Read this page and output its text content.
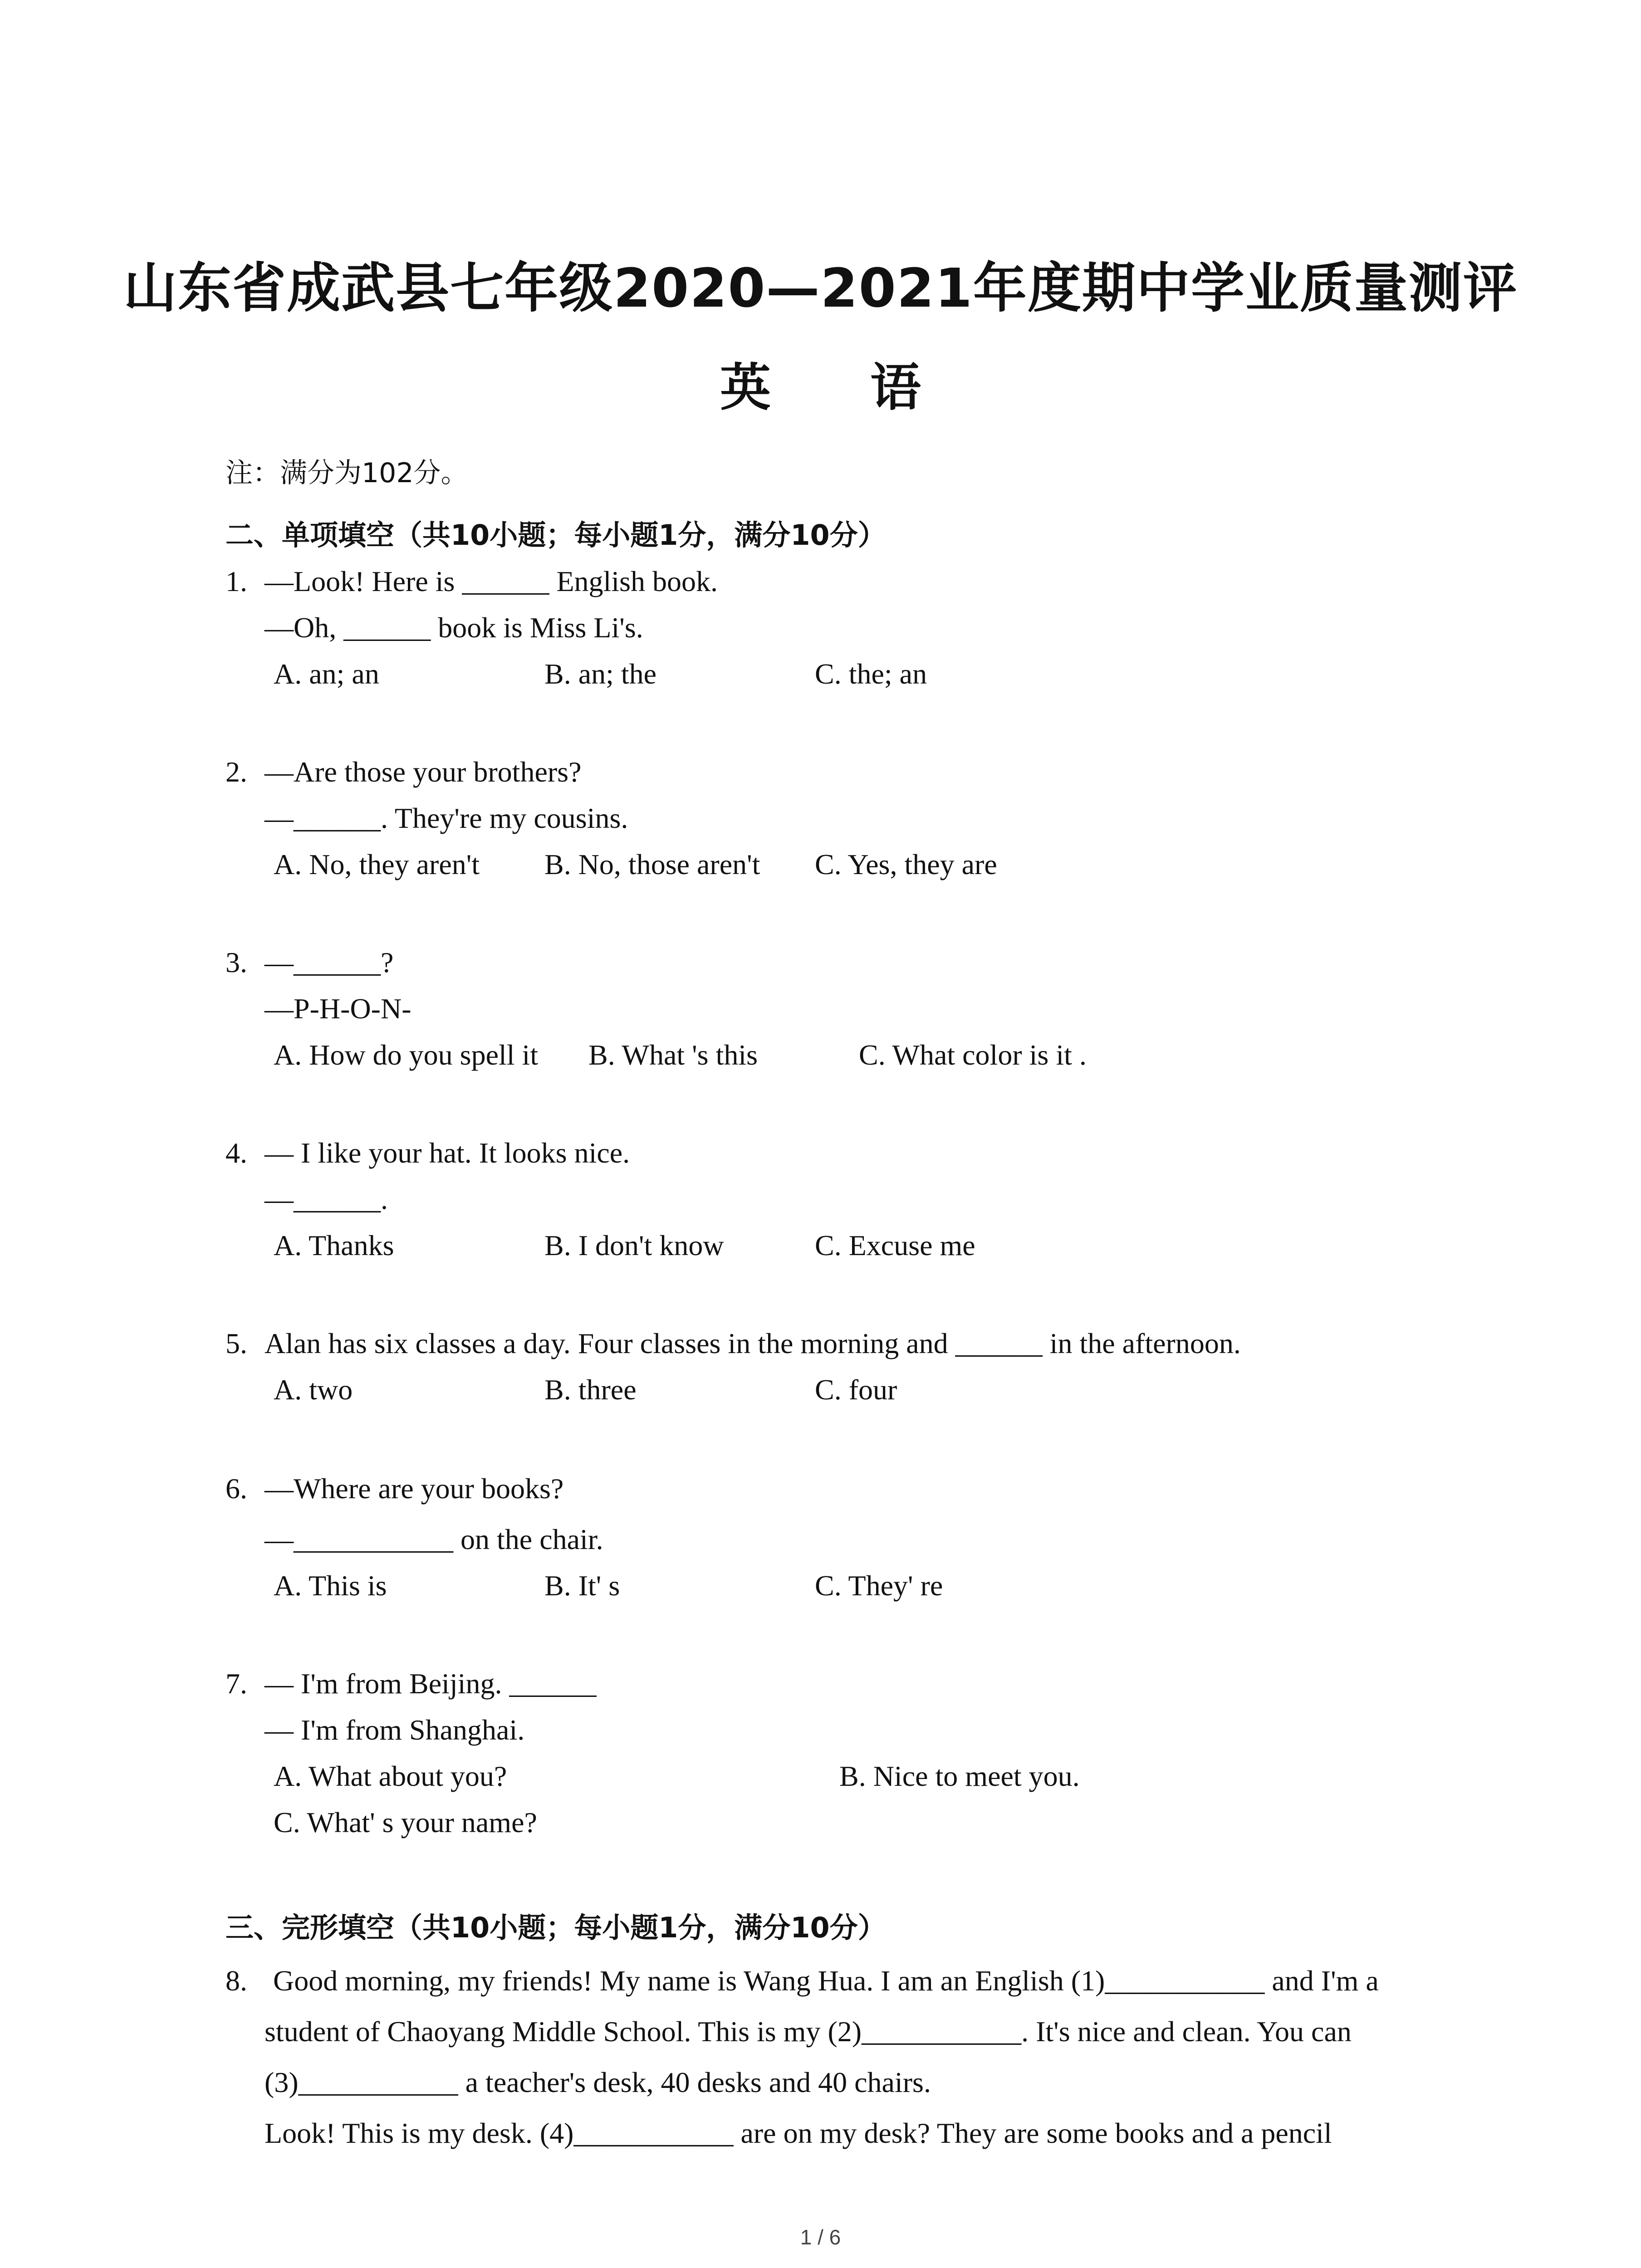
山东省成武县七年级2020—2021年度期中学业质量测评
英 语
注：满分为102分。
二、单项填空（共10小题；每小题1分，满分10分）
1. —Look! Here is ______ English book.
—Oh, ______ book is Miss Li's.
A. an; an	B. an; the	C. the; an
2. —Are those your brothers?
—______. They're my cousins.
A. No, they aren't B. No, those aren't C. Yes, they are
3. —______?
—P-H-O-N-
A. How do you spell it B. What 's this	C. What color is it .
4. — I like your hat. It looks nice.
—______.
A. Thanks	B. I don't know	C. Excuse me
5. Alan has six classes a day. Four classes in the morning and ______ in the afternoon.
A. two	B. three	C. four
6. —Where are your books?
—___________ on the chair.
A. This is	B. It' s	C. They' re
7. — I'm from Beijing. ______
— I'm from Shanghai.
A. What about you?	B. Nice to meet you.
C. What' s your name?
三、完形填空（共10小题；每小题1分，满分10分）
8. Good morning, my friends! My name is Wang Hua. I am an English (1)___________ and I'm a
student of Chaoyang Middle School. This is my (2)___________. It's nice and clean. You can
(3)___________ a teacher's desk, 40 desks and 40 chairs.
Look! This is my desk. (4)___________ are on my desk? They are some books and a pencil
1 / 6
